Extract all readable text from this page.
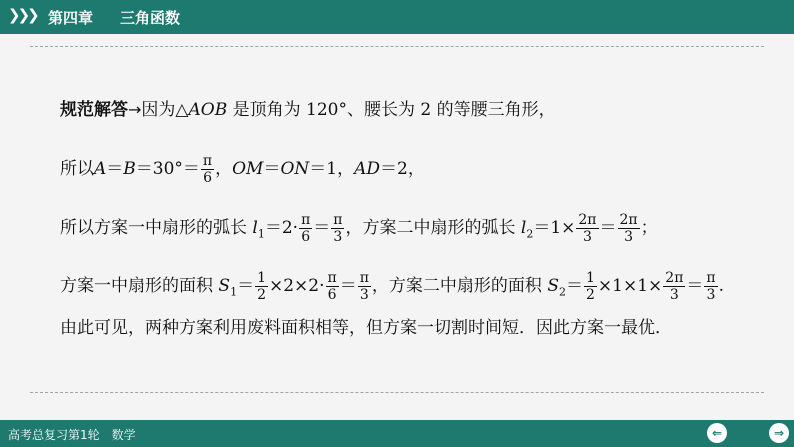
❯❯❯ 第四章 三角函数
规范解答→因为△AOB 是顶角为 120°、腰长为 2 的等腰三角形，
所以$A=B=30^\circ= \frac{\pi}{6}$ ，OM＝ON＝1，AD＝2，
所以方案一中扇形的弧长 $l_1=2\cdot \frac{\pi}{6} = \frac{\pi}{3}$ ，方案二中扇形的弧长 $l_2=1\times \frac{2\pi}{3} = \frac{2\pi}{3}$ ；
方案一中扇形的面积 $S_1= \frac{1}{2} \times 2\times 2\cdot \frac{\pi}{6} = \frac{\pi}{3}$ ，方案二中扇形的面积 $S_2= \frac{1}{2} \times 1\times 1\times \frac{2\pi}{3} = \frac{\pi}{3}$ .
由此可见，两种方案利用废料面积相等，但方案一切割时间短．因此方案一最优．
高考总复习第1轮　数学	⇐	⇒
